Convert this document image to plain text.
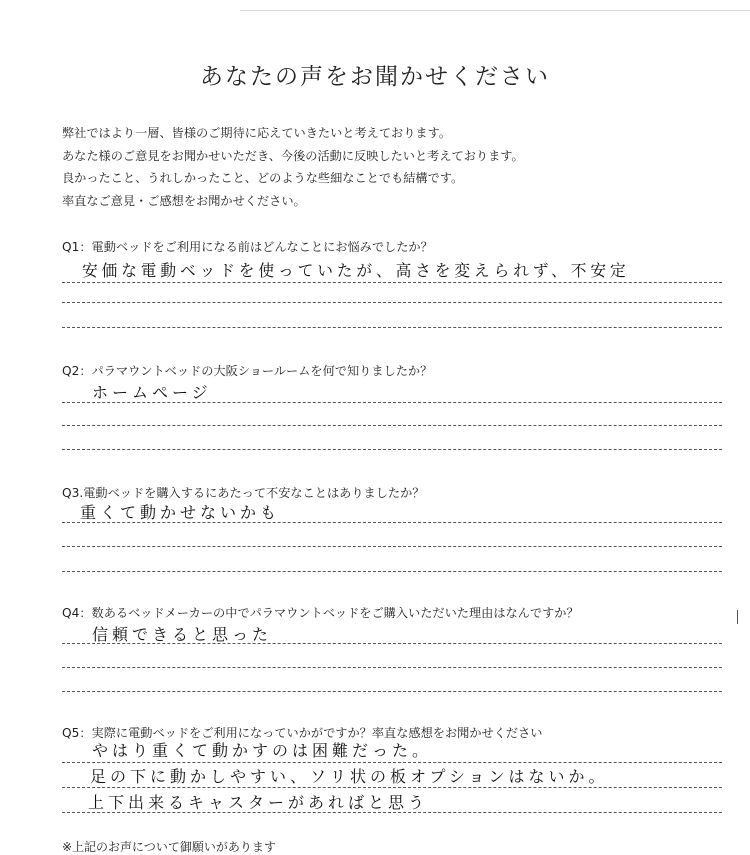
あなたの声をお聞かせください
弊社ではより一層、皆様のご期待に応えていきたいと考えております。
あなた様のご意見をお聞かせいただき、今後の活動に反映したいと考えております。
良かったこと、うれしかったこと、どのような些細なことでも結構です。
率直なご意見・ご感想をお聞かせください。
Q1：電動ベッドをご利用になる前はどんなことにお悩みでしたか？
安価な電動ベッドを使っていたが、高さを変えられず、不安定
Q2：パラマウントベッドの大阪ショールームを何で知りましたか？
ホームページ
Q3.電動ベッドを購入するにあたって不安なことはありましたか？
重くて動かせないかも
Q4：数あるベッドメーカーの中でパラマウントベッドをご購入いただいた理由はなんですか？
信頼できると思った
Q5：実際に電動ベッドをご利用になっていかがですか？率直な感想をお聞かせください
やはり重くて動かすのは困難だった。
足の下に動かしやすい、ソリ状の板オプションはないか。
上下出来るキャスターがあればと思う
※上記のお声について御願いがあります
